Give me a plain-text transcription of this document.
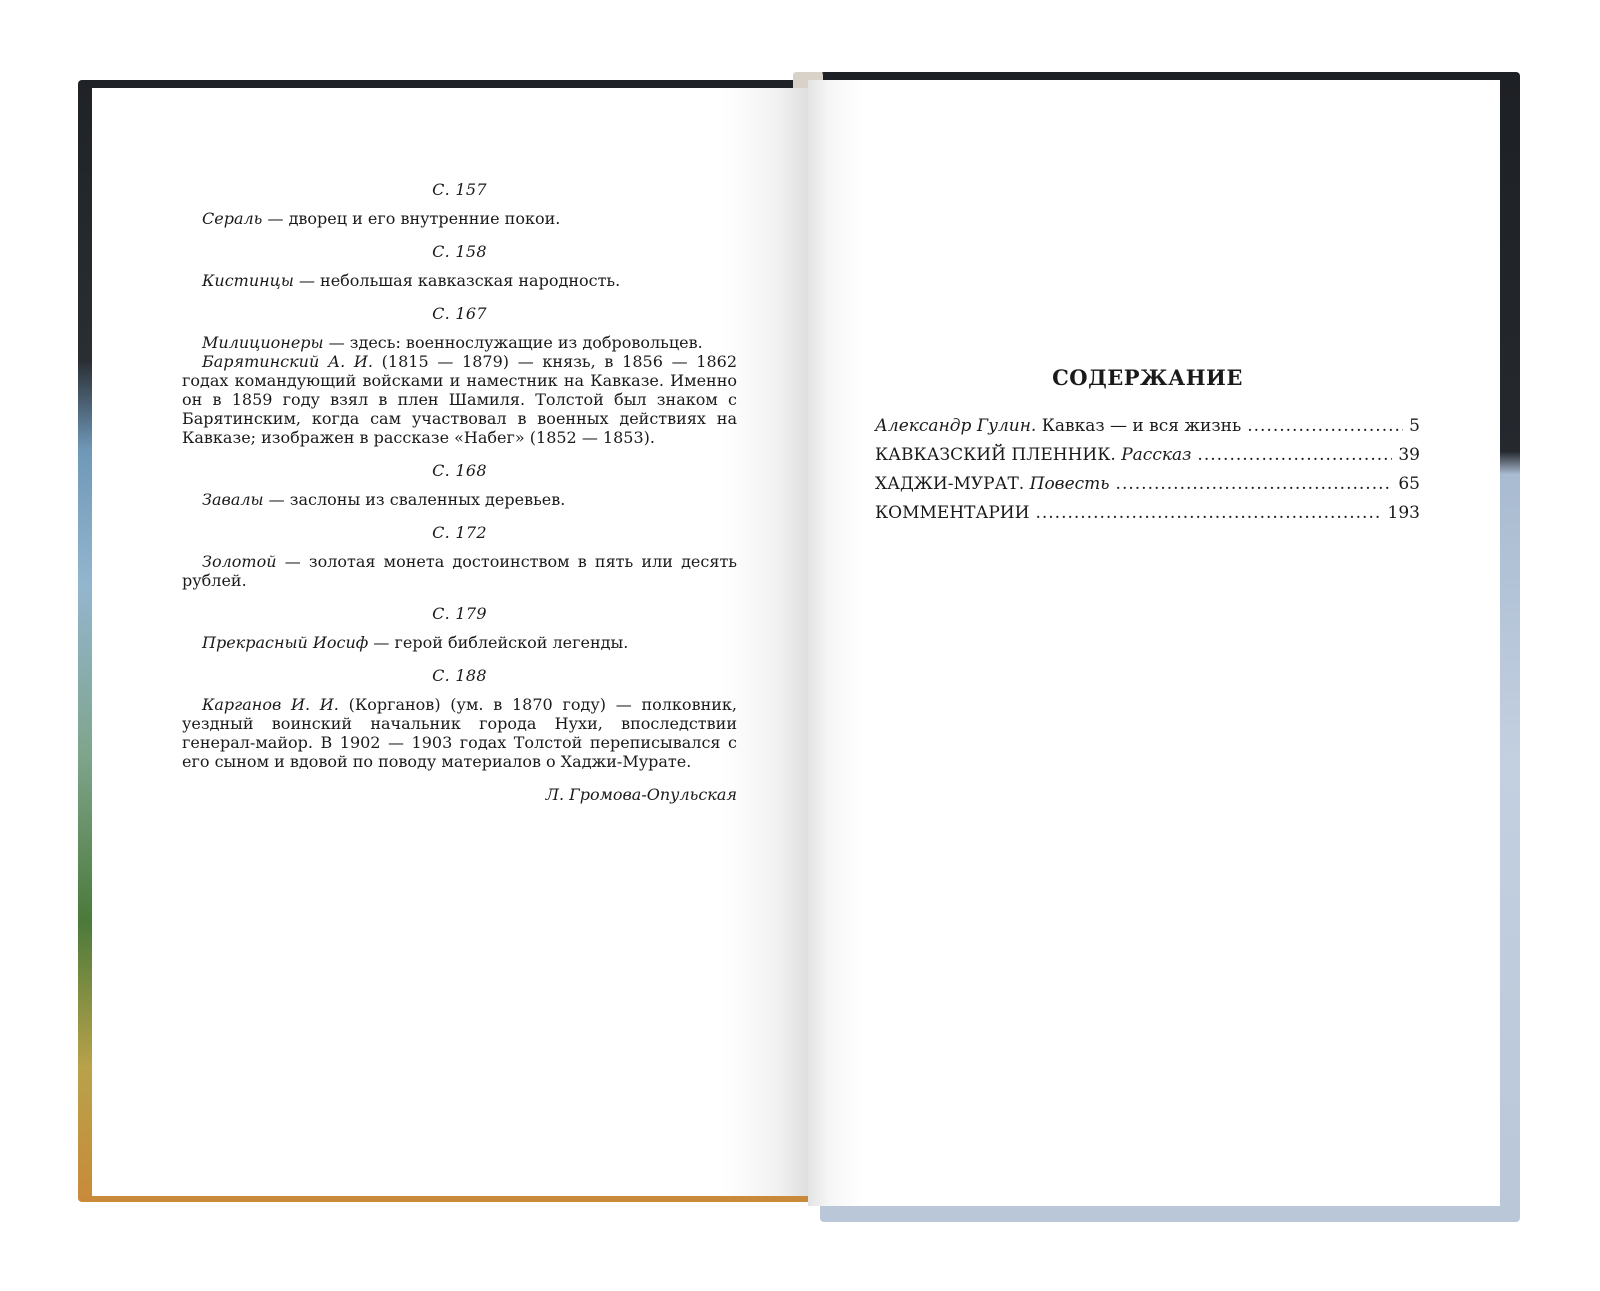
С. 157
Сераль — дворец и его внутренние покои.
С. 158
Кистинцы — небольшая кавказская народность.
С. 167
Милиционеры — здесь: военнослужащие из добровольцев.
Барятинский А. И. (1815 — 1879) — князь, в 1856 — 1862 годах командующий войсками и наместник на Кавказе. Именно он в 1859 году взял в плен Шамиля. Толстой был знаком с Барятинским, когда сам участвовал в военных действиях на Кавказе; изображен в рассказе «Набег» (1852 — 1853).
С. 168
Завалы — заслоны из сваленных деревьев.
С. 172
Золотой — золотая монета достоинством в пять или десять рублей.
С. 179
Прекрасный Иосиф — герой библейской легенды.
С. 188
Карганов И. И. (Корганов) (ум. в 1870 году) — полковник, уездный воинский начальник города Нухи, впоследствии генерал-майор. В 1902 — 1903 годах Толстой переписывался с его сыном и вдовой по поводу материалов о Хаджи-Мурате.
Л. Громова-Опульская
СОДЕРЖАНИЕ
Александр Гулин. Кавказ — и вся жизнь .....	5
КАВКАЗСКИЙ ПЛЕННИК. Рассказ .....	39
ХАДЖИ-МУРАТ. Повесть .....	65
КОММЕНТАРИИ .....	193
